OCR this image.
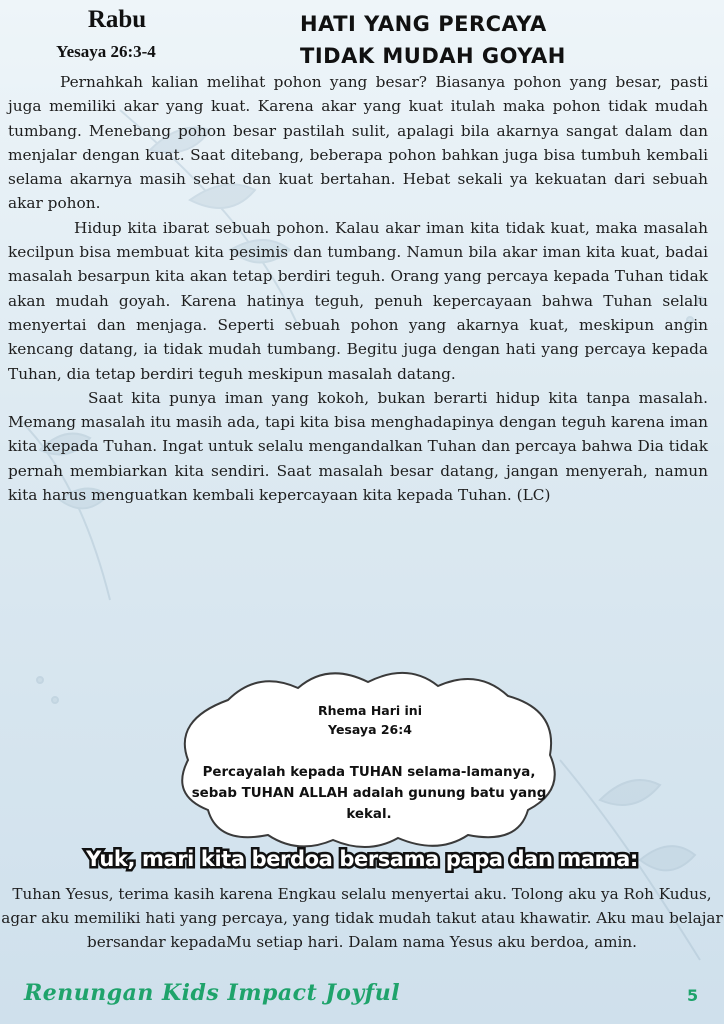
Rabu
Yesaya 26:3-4
HATI YANG PERCAYA
TIDAK MUDAH GOYAH

Pernahkah kalian melihat pohon yang besar? Biasanya pohon yang besar, pasti juga memiliki akar yang kuat. Karena akar yang kuat itulah maka pohon tidak mudah tumbang. Menebang pohon besar pastilah sulit, apalagi bila akarnya sangat dalam dan menjalar dengan kuat. Saat ditebang, beberapa pohon bahkan juga bisa tumbuh kembali selama akarnya masih sehat dan kuat bertahan. Hebat sekali ya kekuatan dari sebuah akar pohon.

Hidup kita ibarat sebuah pohon. Kalau akar iman kita tidak kuat, maka masalah kecilpun bisa membuat kita pesimis dan tumbang. Namun bila akar iman kita kuat, badai masalah besarpun kita akan tetap berdiri teguh. Orang yang percaya kepada Tuhan tidak akan mudah goyah. Karena hatinya teguh, penuh kepercayaan bahwa Tuhan selalu menyertai dan menjaga. Seperti sebuah pohon yang akarnya kuat, meskipun angin kencang datang, ia tidak mudah tumbang. Begitu juga dengan hati yang percaya kepada Tuhan, dia tetap berdiri teguh meskipun masalah datang.

Saat kita punya iman yang kokoh, bukan berarti hidup kita tanpa masalah. Memang masalah itu masih ada, tapi kita bisa menghadapinya dengan teguh karena iman kita kepada Tuhan. Ingat untuk selalu mengandalkan Tuhan dan percaya bahwa Dia tidak pernah membiarkan kita sendiri. Saat masalah besar datang, jangan menyerah, namun kita harus menguatkan kembali kepercayaan kita kepada Tuhan. (LC)

Rhema Hari ini
Yesaya 26:4
Percayalah kepada TUHAN selama-lamanya, sebab TUHAN ALLAH adalah gunung batu yang kekal.
Yuk, mari kita berdoa bersama papa dan mama:
Tuhan Yesus, terima kasih karena Engkau selalu menyertai aku. Tolong aku ya Roh Kudus, agar aku memiliki hati yang percaya, yang tidak mudah takut atau khawatir. Aku mau belajar bersandar kepadaMu setiap hari. Dalam nama Yesus aku berdoa, amin.
Renungan Kids Impact Joyful	5
